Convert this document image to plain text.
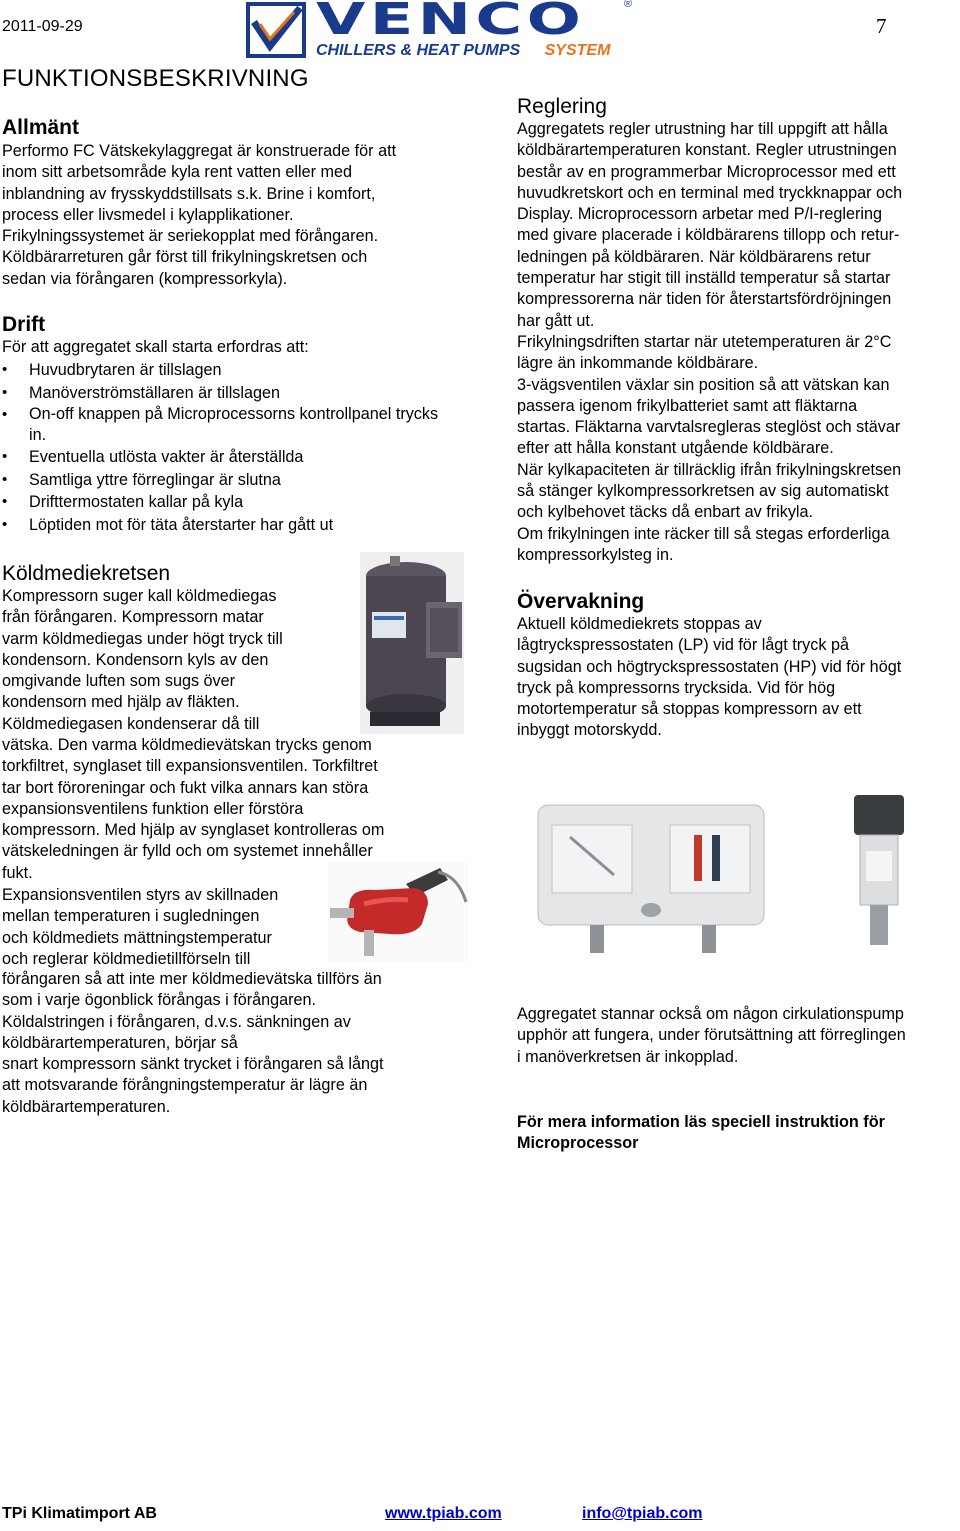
2011-09-29	7
VENCO	®
CHILLERS & HEAT PUMPS SYSTEM
FUNKTIONSBESKRIVNING
Allmänt

Performo FC Vätskekylaggregat är konstruerade för att

inom sitt arbetsområde kyla rent vatten eller med

inblandning av frysskyddstillsats s.k. Brine i komfort,

process eller livsmedel i kylapplikationer.

Frikylningssystemet är seriekopplat med förångaren.

Köldbärarreturen går först till frikylningskretsen och

sedan via förångaren (kompressorkyla).

Drift
För att aggregatet skall starta erfordras att:
• Huvudbrytaren är tillslagen
• Manöverströmställaren är tillslagen
• On-off knappen på Microprocessorns kontrollpanel trycks in.
• Eventuella utlösta vakter är återställda
• Samtliga yttre förreglingar är slutna
• Drifttermostaten kallar på kyla
• Löptiden mot för täta återstarter har gått ut
Köldmediekretsen

Kompressorn suger kall köldmediegas

från förångaren. Kompressorn matar

varm köldmediegas under högt tryck till

kondensorn. Kondensorn kyls av den

omgivande luften som sugs över

kondensorn med hjälp av fläkten.

Köldmediegasen kondenserar då till

vätska. Den varma köldmedievätskan trycks genom

torkfiltret, synglaset till expansionsventilen. Torkfiltret

tar bort föroreningar och fukt vilka annars kan störa

expansionsventilens funktion eller förstöra

kompressorn. Med hjälp av synglaset kontrolleras om

vätskeledningen är fylld och om systemet innehåller

fukt.

Expansionsventilen styrs av skillnaden

mellan temperaturen i sugledningen

och köldmediets mättningstemperatur

och reglerar köldmedietillförseln till

förångaren så att inte mer köldmedievätska tillförs än

som i varje ögonblick förångas i förångaren.

Köldalstringen i förångaren, d.v.s. sänkningen av

köldbärartemperaturen, börjar så

snart kompressorn sänkt trycket i förångaren så långt

att motsvarande förångningstemperatur är lägre än

köldbärartemperaturen.

Reglering

Aggregatets regler utrustning har till uppgift att hålla

köldbärartemperaturen konstant. Regler utrustningen

består av en programmerbar Microprocessor med ett

huvudkretskort och en terminal med tryckknappar och

Display. Microprocessorn arbetar med P/I-reglering

med givare placerade i köldbärarens tillopp och retur-

ledningen på köldbäraren. När köldbärarens retur

temperatur har stigit till inställd temperatur så startar

kompressorerna när tiden för återstartsfördröjningen

har gått ut.

Frikylningsdriften startar när utetemperaturen är 2°C

lägre än inkommande köldbärare.

3-vägsventilen växlar sin position så att vätskan kan

passera igenom frikylbatteriet samt att fläktarna

startas. Fläktarna varvtalsregleras steglöst och stävar

efter att hålla konstant utgående köldbärare.

När kylkapaciteten är tillräcklig ifrån frikylningskretsen

så stänger kylkompressorkretsen av sig automatiskt

och kylbehovet täcks då enbart av frikyla.

Om frikylningen inte räcker till så stegas erforderliga

kompressorkylsteg in.

Övervakning

Aktuell köldmediekrets stoppas av

lågtryckspressostaten (LP) vid för lågt tryck på

sugsidan och högtryckspressostaten (HP) vid för högt

tryck på kompressorns trycksida. Vid för hög

motortemperatur så stoppas kompressorn av ett

inbyggt motorskydd.

Aggregatet stannar också om någon cirkulationspump

upphör att fungera, under förutsättning att förreglingen

i manöverkretsen är inkopplad.

För mera information läs speciell instruktion för

Microprocessor

TPi Klimatimport AB	www.tpiab.com	info@tpiab.com
